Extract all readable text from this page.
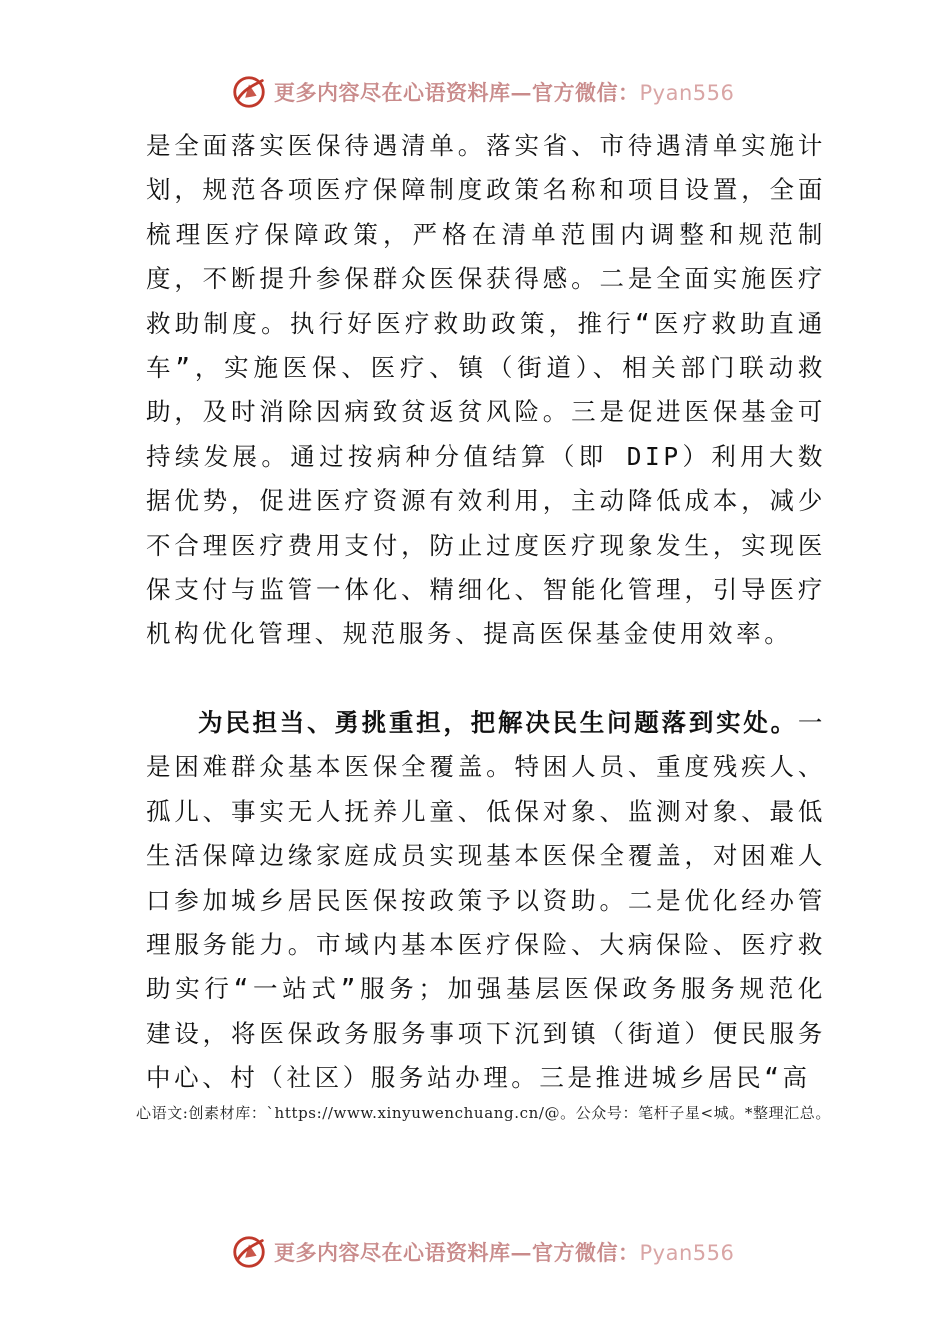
更多内容尽在心语资料库—官方微信：Pyan556

是全面落实医保待遇清单。落实省、市待遇清单实施计划，规范各项医疗保障制度政策名称和项目设置，全面梳理医疗保障政策，严格在清单范围内调整和规范制度，不断提升参保群众医保获得感。二是全面实施医疗救助制度。执行好医疗救助政策，推行“医疗救助直通车”，实施医保、医疗、镇（街道）、相关部门联动救助，及时消除因病致贫返贫风险。三是促进医保基金可持续发展。通过按病种分值结算（即 DIP）利用大数据优势，促进医疗资源有效利用，主动降低成本，减少不合理医疗费用支付，防止过度医疗现象发生，实现医保支付与监管一体化、精细化、智能化管理，引导医疗机构优化管理、规范服务、提高医保基金使用效率。

为民担当、勇挑重担，把解决民生问题落到实处。一是困难群众基本医保全覆盖。特困人员、重度残疾人、孤儿、事实无人抚养儿童、低保对象、监测对象、最低生活保障边缘家庭成员实现基本医保全覆盖，对困难人口参加城乡居民医保按政策予以资助。二是优化经办管理服务能力。市域内基本医疗保险、大病保险、医疗救助实行“一站式”服务；加强基层医保政务服务规范化建设，将医保政务服务事项下沉到镇（街道）便民服务中心、村（社区）服务站办理。三是推进城乡居民“高

心语文:创素材库：`https://www.xinyuwenchuang.cn/@。公众号：笔杆子星<城。*整理汇总。
更多内容尽在心语资料库—官方微信：Pyan556
